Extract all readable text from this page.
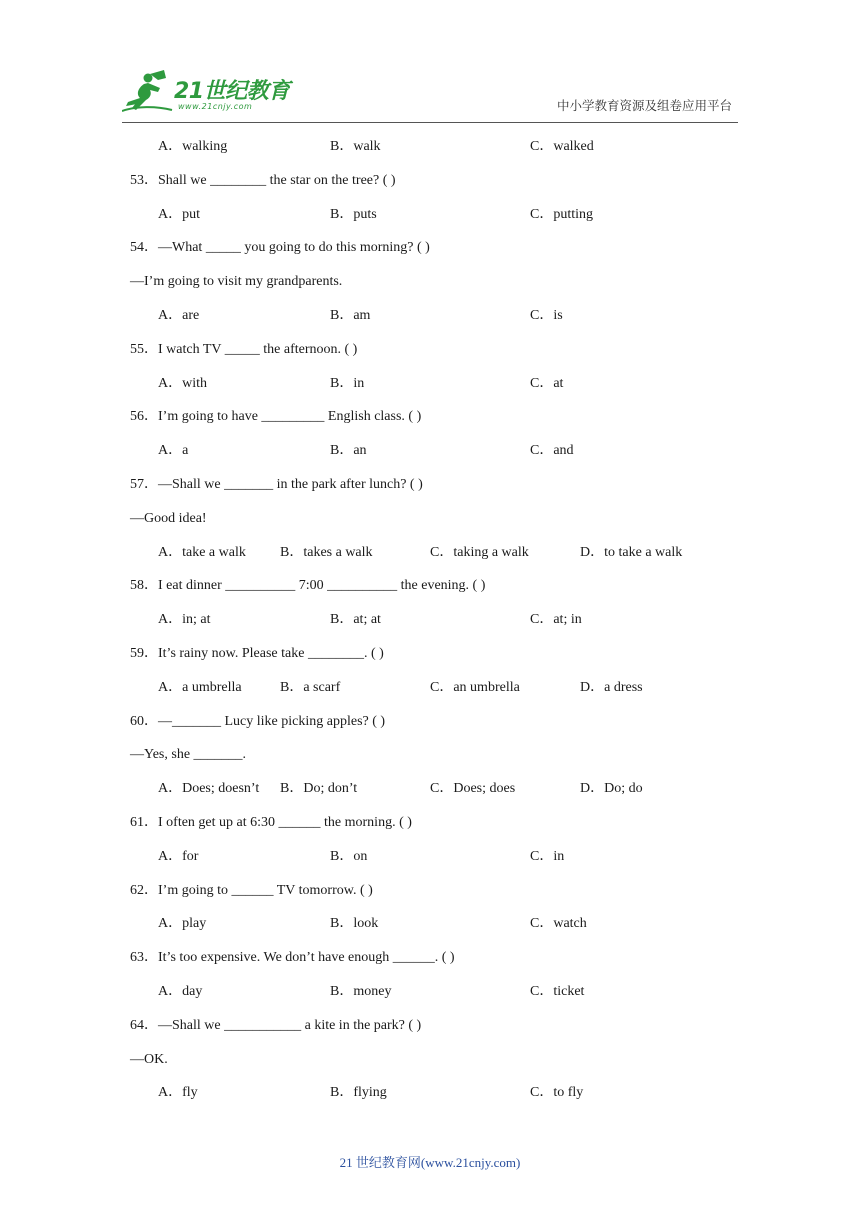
21世纪教育
www.21cnjy.com	中小学教育资源及组卷应用平台
A．walking	B．walk	C．walked
53．Shall we ________ the star on the tree? ( )
A．put	B．puts	C．putting
54．—What _____ you going to do this morning? ( )
—I’m going to visit my grandparents.
A．are	B．am	C．is
55．I watch TV _____ the afternoon. ( )
A．with	B．in	C．at
56．I’m going to have _________ English class. ( )
A．a	B．an	C．and
57．—Shall we _______ in the park after lunch? ( )
—Good idea!
A．take a walk B．takes a walk	C．taking a walk	D．to take a walk
58．I eat dinner __________ 7:00 __________ the evening. ( )
A．in; at	B．at; at	C．at; in
59．It’s rainy now. Please take ________. ( )
A．a umbrella	B．a scarf	C．an umbrella	D．a dress
60．—_______ Lucy like picking apples? ( )
—Yes, she _______.
A．Does; doesn’t B．Do; don’t	C．Does; does	D．Do; do
61．I often get up at 6:30 ______ the morning. ( )
A．for	B．on	C．in
62．I’m going to ______ TV tomorrow. ( )
A．play	B．look	C．watch
63．It’s too expensive. We don’t have enough ______. ( )
A．day	B．money	C．ticket
64．—Shall we ___________ a kite in the park? ( )
—OK.
A．fly	B．flying	C．to fly
21 世纪教育网(www.21cnjy.com)
